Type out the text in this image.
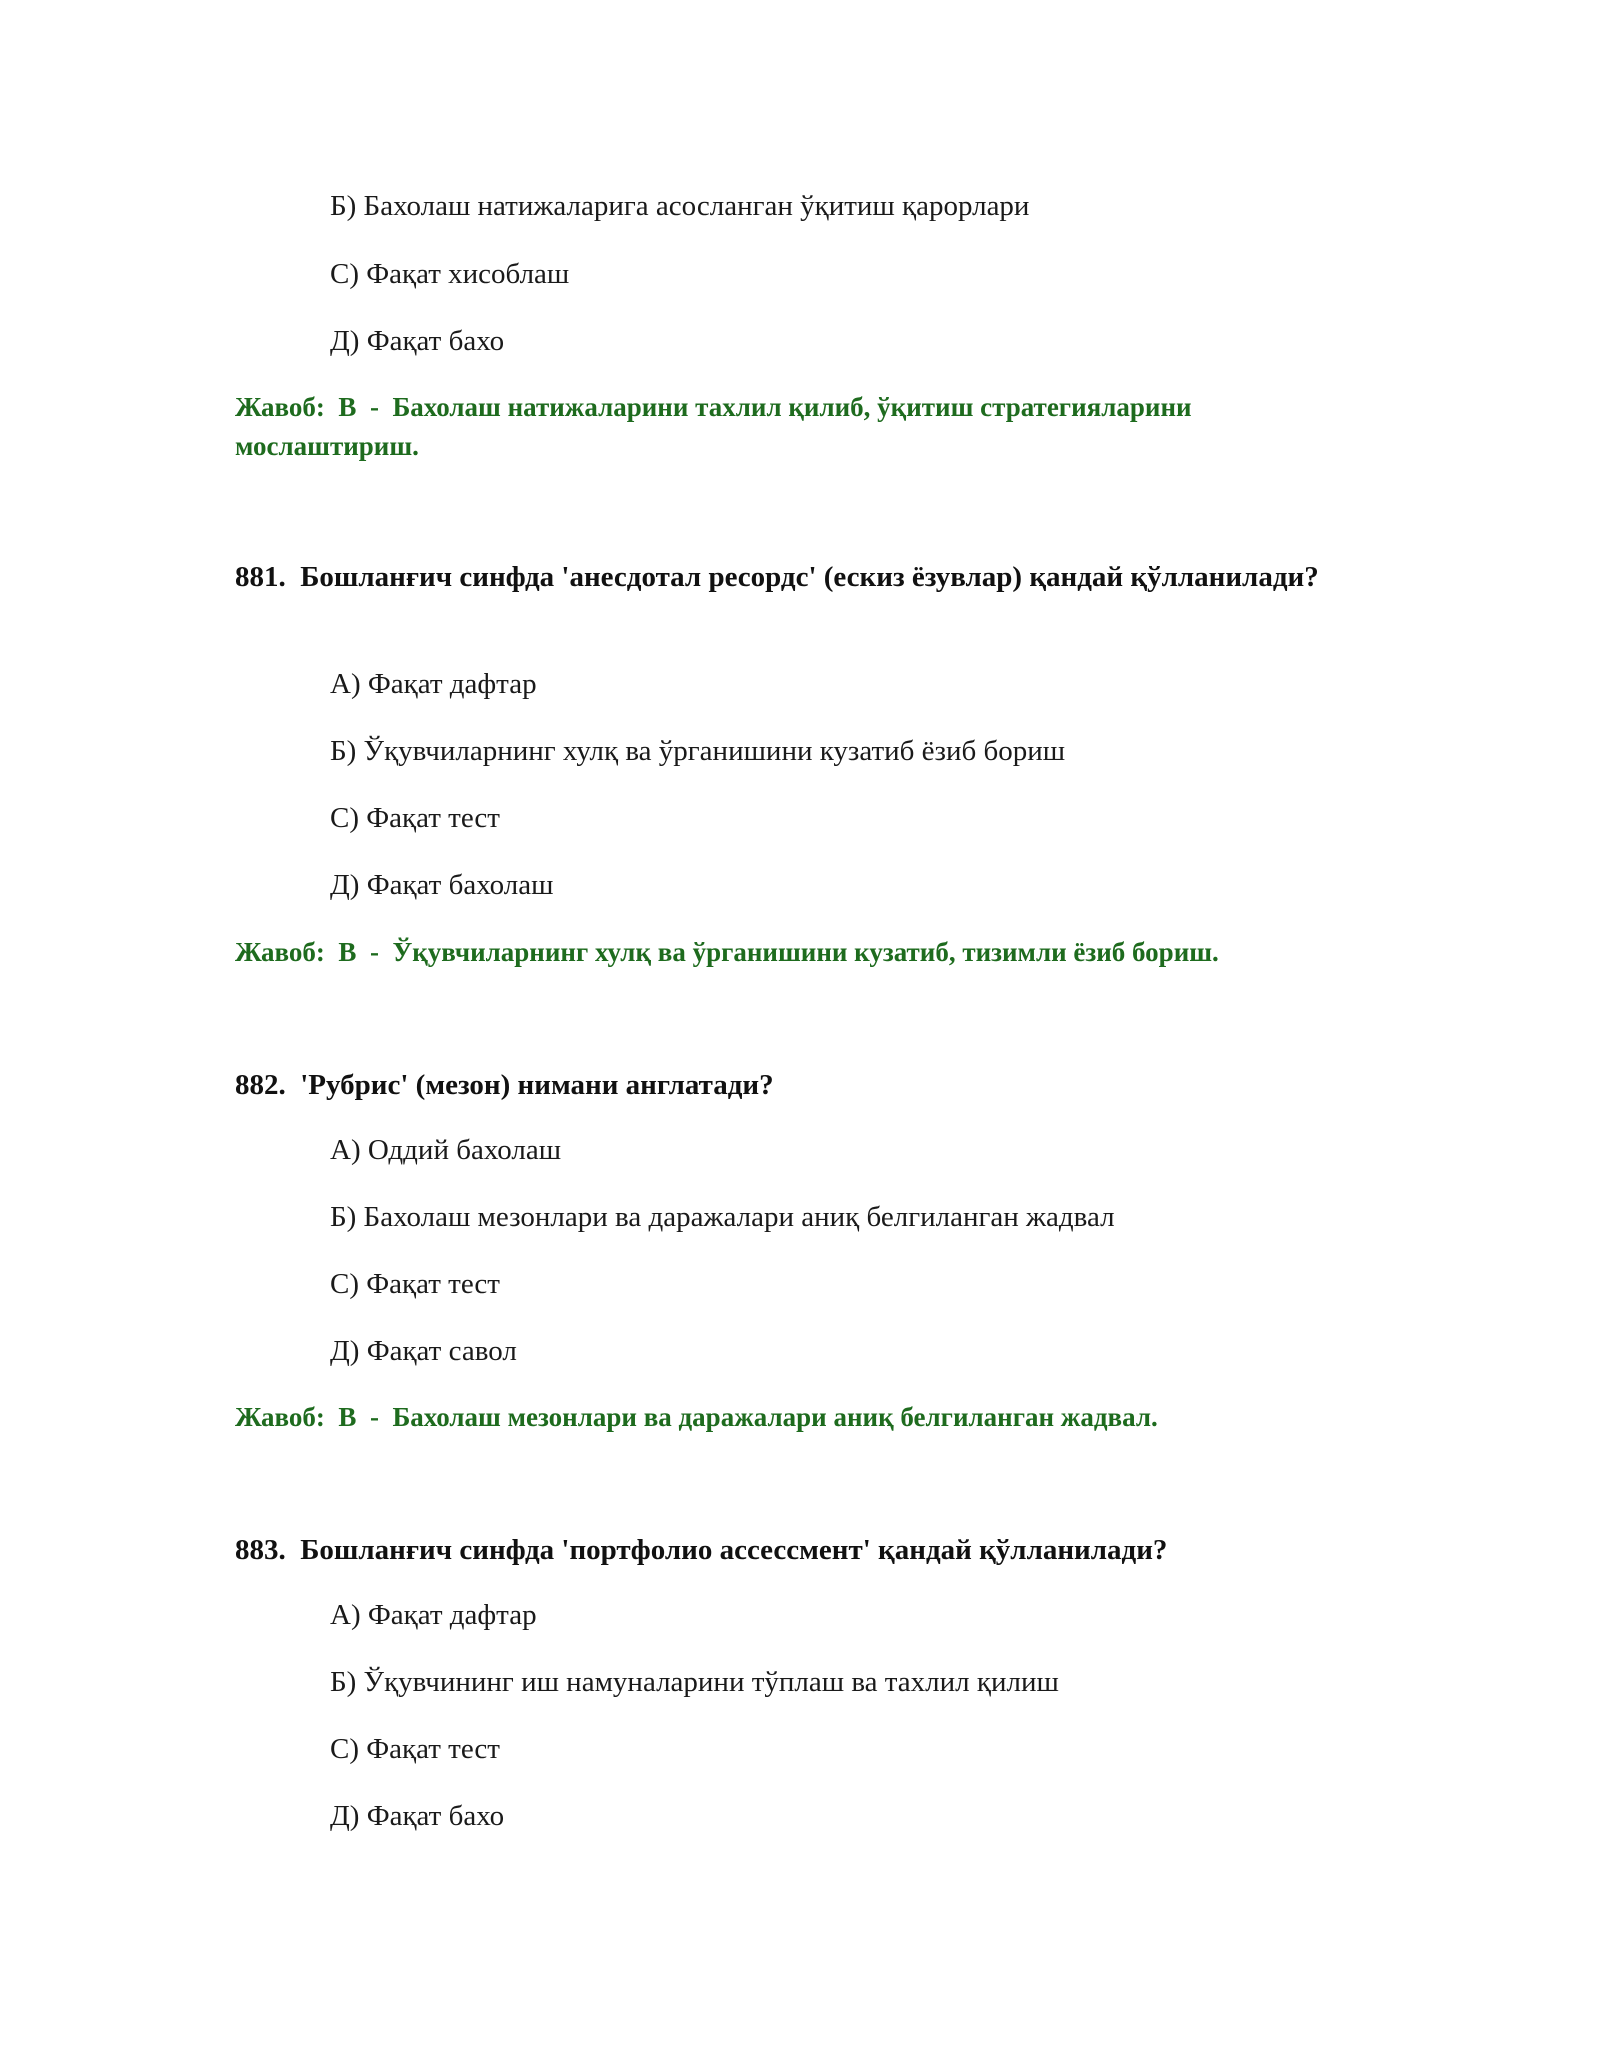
Б) Бахолаш натижаларига асосланган ўқитиш қарорлари
С) Фақат хисоблаш
Д) Фақат бахо
Жавоб: B - Бахолаш натижаларини тахлил қилиб, ўқитиш стратегияларини мослаштириш.
881. Бошланғич синфда 'анесдотал ресордс' (ескиз ёзувлар) қандай қўлланилади?
А) Фақат дафтар
Б) Ўқувчиларнинг хулқ ва ўрганишини кузатиб ёзиб бориш
С) Фақат тест
Д) Фақат бахолаш
Жавоб: B - Ўқувчиларнинг хулқ ва ўрганишини кузатиб, тизимли ёзиб бориш.
882. 'Рубрис' (мезон) нимани англатади?
А) Оддий бахолаш
Б) Бахолаш мезонлари ва даражалари аниқ белгиланган жадвал
С) Фақат тест
Д) Фақат савол
Жавоб: B - Бахолаш мезонлари ва даражалари аниқ белгиланган жадвал.
883. Бошланғич синфда 'портфолио ассессмент' қандай қўлланилади?
А) Фақат дафтар
Б) Ўқувчининг иш намуналарини тўплаш ва тахлил қилиш
С) Фақат тест
Д) Фақат бахо
